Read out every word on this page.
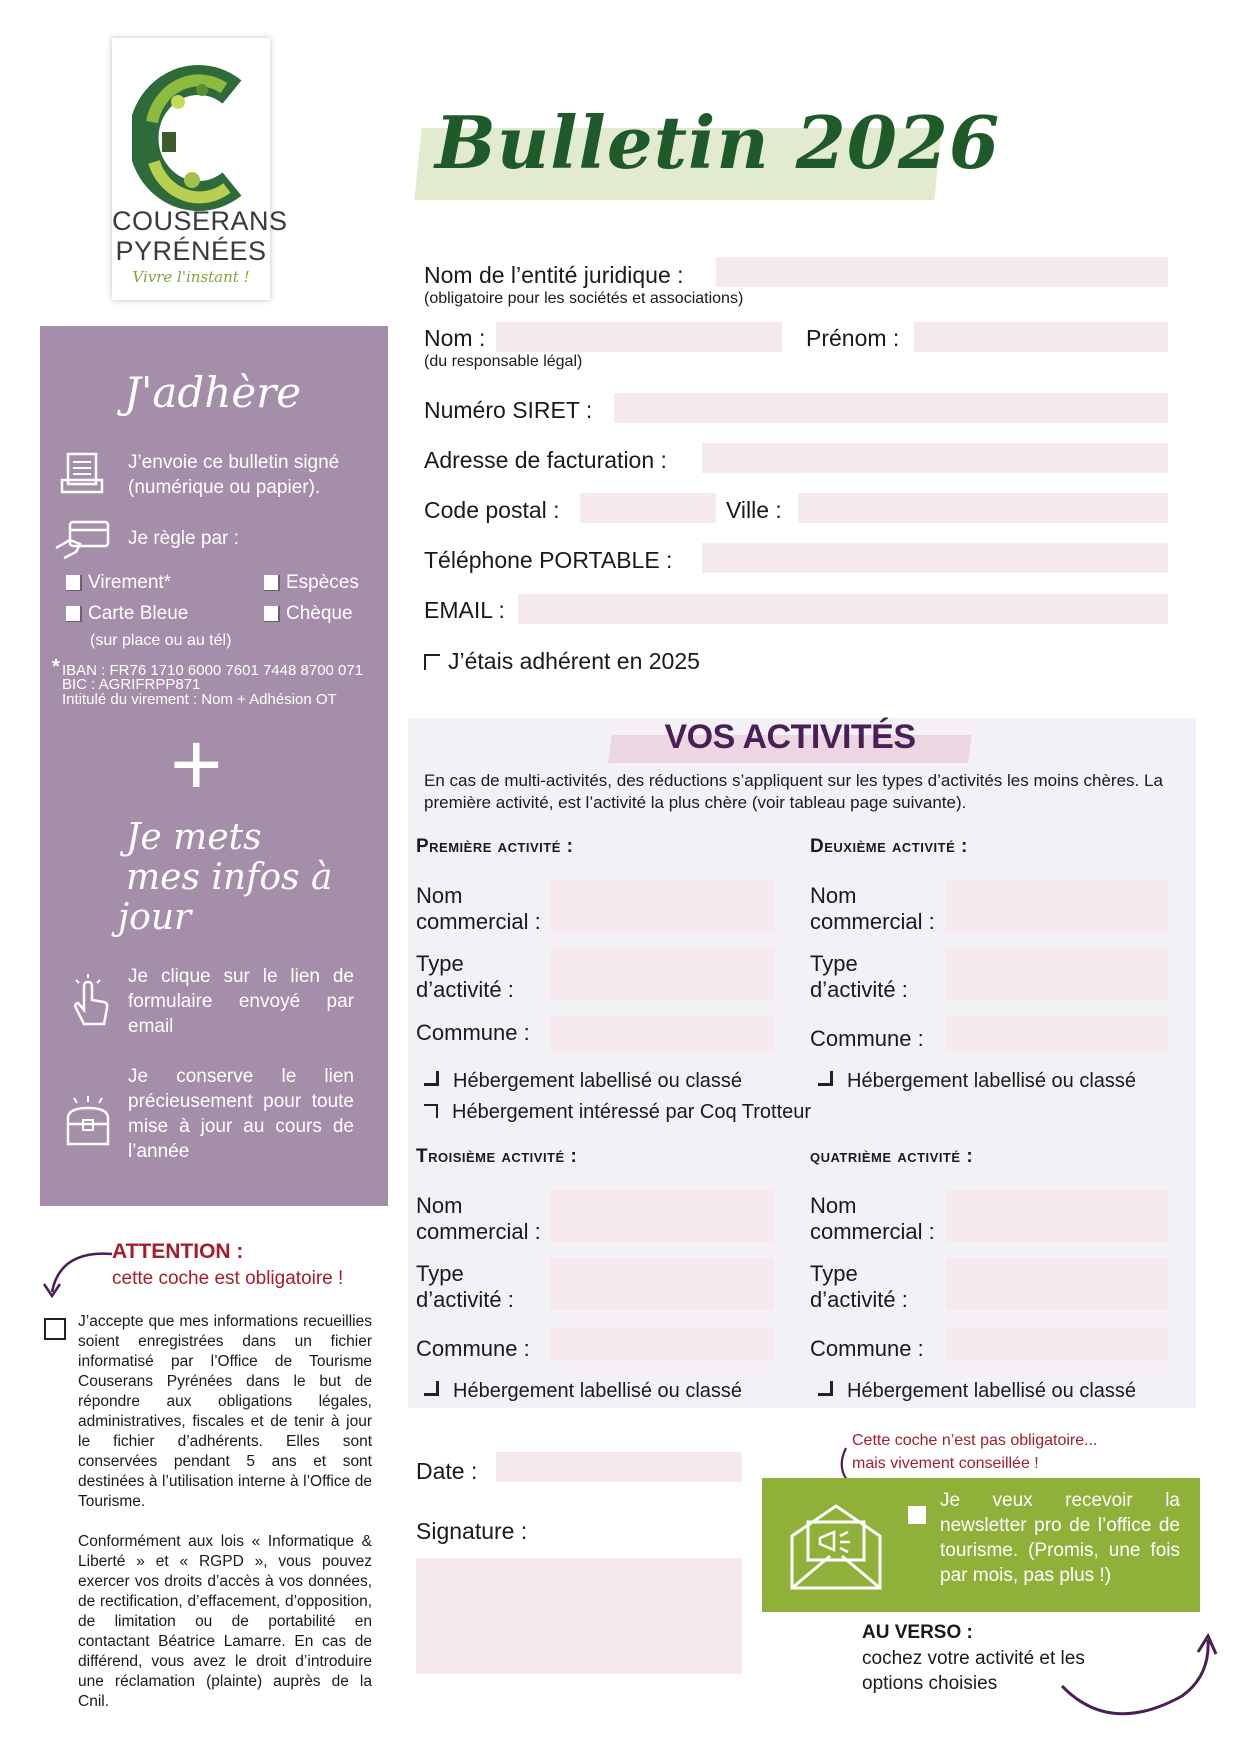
COUSERANS
PYRÉNÉES
Vivre l'instant !
Bulletin 2026
Nom de l’entité juridique :
(obligatoire pour les sociétés et associations)
Nom :	Prénom :
(du responsable légal)
Numéro SIRET :
Adresse de facturation :
Code postal :	Ville :
Téléphone PORTABLE :
EMAIL :
J’étais adhérent en 2025
J'adhère
J’envoie ce bulletin signé (numérique ou papier).
Je règle par :
Virement*	Espèces
Carte Bleue	Chèque
(sur place ou au tél)
* IBAN : FR76 1710 6000 7601 7448 8700 071
BIC : AGRIFRPP871
Intitulé du virement : Nom + Adhésion OT
+
Je mets
mes infos à
jour
Je clique sur le lien de formulaire envoyé par email
Je conserve le lien précieusement pour toute mise à jour au cours de l’année
ATTENTION :
cette coche est obligatoire !
J’accepte que mes informations recueillies soient enregistrées dans un fichier informatisé par l’Office de Tourisme Couserans Pyrénées dans le but de répondre aux obligations légales, administratives, fiscales et de tenir à jour le fichier d’adhérents. Elles sont conservées pendant 5 ans et sont destinées à l’utilisation interne à l’Office de Tourisme.
Conformément aux lois « Informatique & Liberté » et « RGPD », vous pouvez exercer vos droits d’accès à vos données, de rectification, d’effacement, d’opposition, de limitation ou de portabilité en contactant Béatrice Lamarre. En cas de différend, vous avez le droit d’introduire une réclamation (plainte) auprès de la Cnil.
VOS ACTIVITÉS
En cas de multi-activités, des réductions s’appliquent sur les types d’activités les moins chères. La première activité, est l’activité la plus chère (voir tableau page suivante).
Première activité :
Nom
commercial :
Type
d’activité :
Commune :
Hébergement labellisé ou classé
Hébergement intéressé par Coq Trotteur
Deuxième activité :
Nom
commercial :
Type
d’activité :
Commune :
Hébergement labellisé ou classé
Troisième activité :
Nom
commercial :
Type
d’activité :
Commune :
Hébergement labellisé ou classé
quatrième activité :
Nom
commercial :
Type
d’activité :
Commune :
Hébergement labellisé ou classé
Date :
Signature :
Cette coche n’est pas obligatoire...
mais vivement conseillée !
Je veux recevoir la newsletter pro de l’office de tourisme. (Promis, une fois par mois, pas plus !)
AU VERSO :
cochez votre activité et les options choisies
